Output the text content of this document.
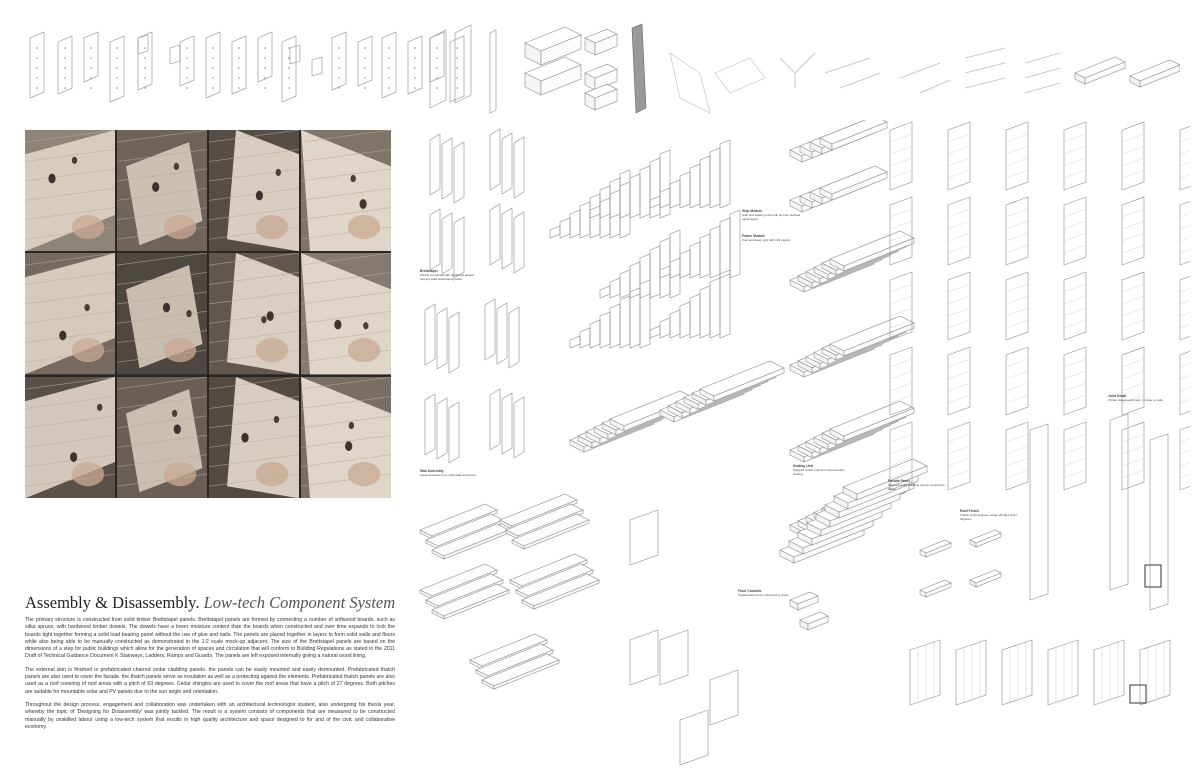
Assembly & Disassembly. Low-tech Component System

The primary structure is constructed from solid timber Brettstapel panels. Brettstapel panels are formed by connecting a number of softwood boards, such as sitka spruce, with hardwood timber dowels. The dowels have a lower moisture content than the boards when constructed and over time expands to lock the boards tight together forming a solid load bearing panel without the use of glue and nails. The panels are placed together in layers to form solid walls and floors while also being able to be manually constructed as demonstrated in the 1:2 scale mock-up adjacent. The size of the Brettstapel panels are based on the dimensions of a step for public buildings which allow for the generation of spaces and circulation that will conform to Building Regulations as stated in the 2011 Draft of Technical Guidance Document K Stairways, Ladders, Ramps and Guards. The panels are left exposed internally giving a natural wood lining.

The external skin is finished in prefabricated charred cedar cladding panels. the panels can be easily mounted and easily demounted. Prefabricated thatch panels are also used to cover the facade. the thatch panels serve as insulation as well as a protecting against the elements. Prefabricated thatch panels are also used as a roof covering of roof areas with a pitch of 63 degrees. Cedar shingles are used to cover the roof areas that have a pitch of 27 degrees. Both pitches are suitable for mountable solar and PV panels due to the sun angle and orientation.

Throughout the design process, engagement and collaboration was undertaken with an architectural technologist student, also undergoing his thesis year, whereby the topic of 'Designing for Disassembly' was jointly tackled. The result is a system consists of components that are measured to be constructed manually by unskilled labour using a low-tech system that results in high quality architecture and space designed to for and of the civic and collaborative economy.

Brettstapel
Panels connected with hardwood dowels forming solid load bearing walls.
Step Module
Stair and seating units built up from stacked panel layers.
Wall Assembly
Layered panels form solid walls and floors.
Seating Unit
Stepped timber units form tiered public seating.
Facade Panel
Charred cedar cladding panels mounted to frame.
Roof Finish
Thatch at 63 degrees, cedar shingles at 27 degrees.
Floor Cassette
Prefabricated floor units fixed to posts.
Joint Detail
Timber dowels and pegs, no glue or nails.
Frame Module
Post and beam grid with infill panels.
